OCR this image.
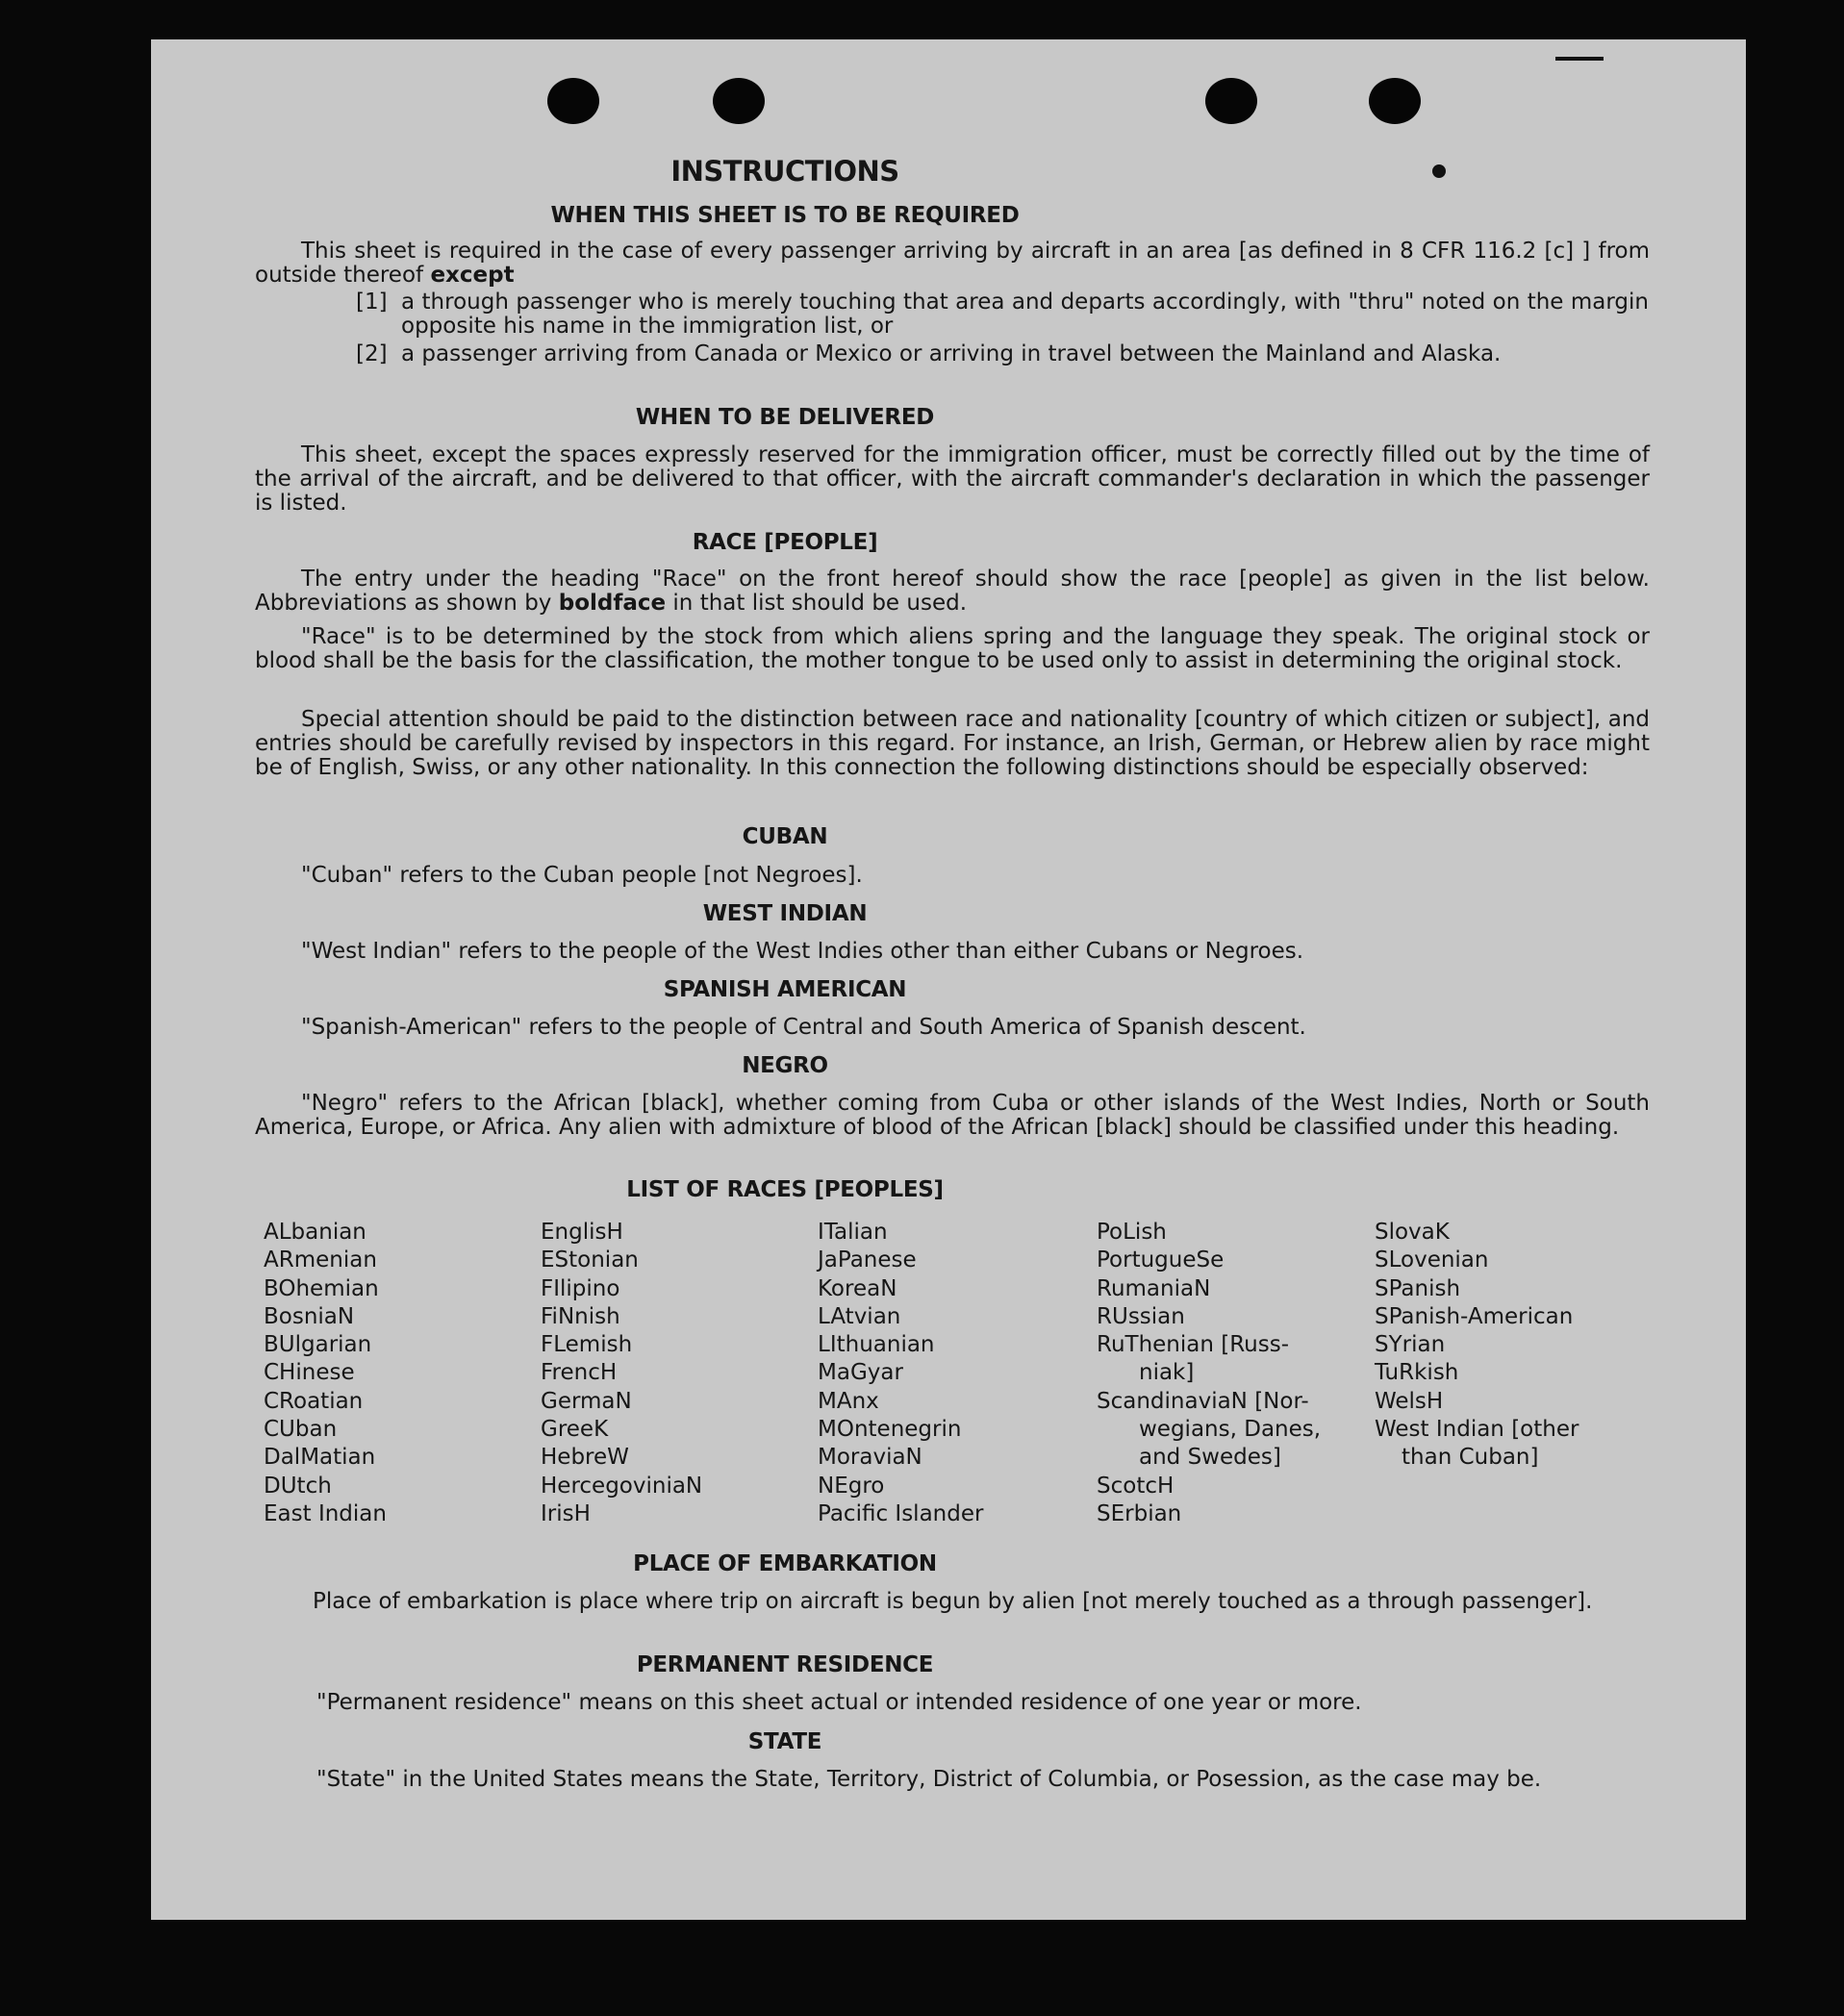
INSTRUCTIONS
WHEN THIS SHEET IS TO BE REQUIRED
This sheet is required in the case of every passenger arriving by aircraft in an area [as defined in 8 CFR 116.2 [c] ] from outside thereof except
[1] a through passenger who is merely touching that area and departs accordingly, with "thru" noted on the margin opposite his name in the immigration list, or
[2] a passenger arriving from Canada or Mexico or arriving in travel between the Mainland and Alaska.
WHEN TO BE DELIVERED
This sheet, except the spaces expressly reserved for the immigration officer, must be correctly filled out by the time of the arrival of the aircraft, and be delivered to that officer, with the aircraft commander's declaration in which the passenger is listed.
RACE [PEOPLE]
The entry under the heading "Race" on the front hereof should show the race [people] as given in the list below. Abbreviations as shown by boldface in that list should be used.
"Race" is to be determined by the stock from which aliens spring and the language they speak. The original stock or blood shall be the basis for the classification, the mother tongue to be used only to assist in determining the original stock.
Special attention should be paid to the distinction between race and nationality [country of which citizen or subject], and entries should be carefully revised by inspectors in this regard. For instance, an Irish, German, or Hebrew alien by race might be of English, Swiss, or any other nationality. In this connection the following distinctions should be especially observed:
CUBAN
"Cuban" refers to the Cuban people [not Negroes].
WEST INDIAN
"West Indian" refers to the people of the West Indies other than either Cubans or Negroes.
SPANISH AMERICAN
"Spanish-American" refers to the people of Central and South America of Spanish descent.
NEGRO
"Negro" refers to the African [black], whether coming from Cuba or other islands of the West Indies, North or South America, Europe, or Africa. Any alien with admixture of blood of the African [black] should be classified under this heading.
LIST OF RACES [PEOPLES]
ALbanian
ARmenian
BOhemian
BosniaN
BUlgarian
CHinese
CRoatian
CUban
DalMatian
DUtch
East Indian
EnglisH
EStonian
FIlipino
FiNnish
FLemish
FrencH
GermaN
GreeK
HebreW
HercegoviniaN
IrisH
ITalian
JaPanese
KoreaN
LAtvian
LIthuanian
MaGyar
MAnx
MOntenegrin
MoraviaN
NEgro
Pacific Islander
PoLish
PortugueSe
RumaniaN
RUssian
RuThenian [Russ-
niak]
ScandinaviaN [Nor-
wegians, Danes,
and Swedes]
ScotcH
SErbian
SlovaK
SLovenian
SPanish
SPanish-American
SYrian
TuRkish
WelsH
West Indian [other
than Cuban]
PLACE OF EMBARKATION
Place of embarkation is place where trip on aircraft is begun by alien [not merely touched as a through passenger].
PERMANENT RESIDENCE
"Permanent residence" means on this sheet actual or intended residence of one year or more.
STATE
"State" in the United States means the State, Territory, District of Columbia, or Posession, as the case may be.
